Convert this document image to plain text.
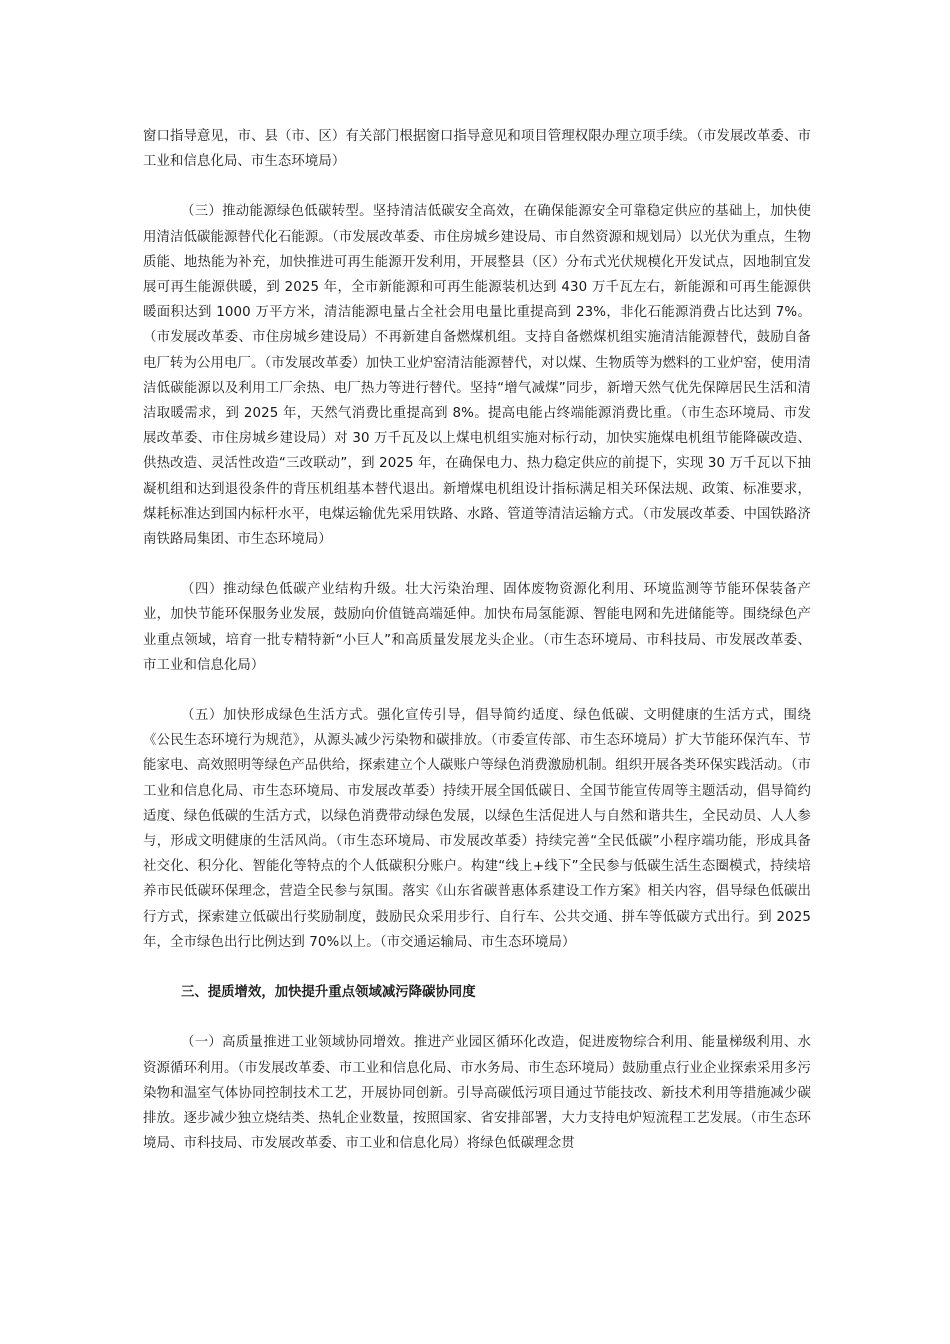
窗口指导意见，市、县（市、区）有关部门根据窗口指导意见和项目管理权限办理立项手续。（市发展改革委、市工业和信息化局、市生态环境局）

（三）推动能源绿色低碳转型。坚持清洁低碳安全高效，在确保能源安全可靠稳定供应的基础上，加快使用清洁低碳能源替代化石能源。（市发展改革委、市住房城乡建设局、市自然资源和规划局）以光伏为重点，生物质能、地热能为补充，加快推进可再生能源开发利用，开展整县（区）分布式光伏规模化开发试点，因地制宜发展可再生能源供暖，到 2025 年，全市新能源和可再生能源装机达到 430 万千瓦左右，新能源和可再生能源供暖面积达到 1000 万平方米，清洁能源电量占全社会用电量比重提高到 23%，非化石能源消费占比达到 7%。（市发展改革委、市住房城乡建设局）不再新建自备燃煤机组。支持自备燃煤机组实施清洁能源替代，鼓励自备电厂转为公用电厂。（市发展改革委）加快工业炉窑清洁能源替代，对以煤、生物质等为燃料的工业炉窑，使用清洁低碳能源以及利用工厂余热、电厂热力等进行替代。坚持“增气减煤”同步，新增天然气优先保障居民生活和清洁取暖需求，到 2025 年，天然气消费比重提高到 8%。提高电能占终端能源消费比重。（市生态环境局、市发展改革委、市住房城乡建设局）对 30 万千瓦及以上煤电机组实施对标行动，加快实施煤电机组节能降碳改造、供热改造、灵活性改造“三改联动”，到 2025 年，在确保电力、热力稳定供应的前提下，实现 30 万千瓦以下抽凝机组和达到退役条件的背压机组基本替代退出。新增煤电机组设计指标满足相关环保法规、政策、标准要求，煤耗标准达到国内标杆水平，电煤运输优先采用铁路、水路、管道等清洁运输方式。（市发展改革委、中国铁路济南铁路局集团、市生态环境局）

（四）推动绿色低碳产业结构升级。壮大污染治理、固体废物资源化利用、环境监测等节能环保装备产业，加快节能环保服务业发展，鼓励向价值链高端延伸。加快布局氢能源、智能电网和先进储能等。围绕绿色产业重点领域，培育一批专精特新“小巨人”和高质量发展龙头企业。（市生态环境局、市科技局、市发展改革委、市工业和信息化局）

（五）加快形成绿色生活方式。强化宣传引导，倡导简约适度、绿色低碳、文明健康的生活方式，围绕《公民生态环境行为规范》，从源头减少污染物和碳排放。（市委宣传部、市生态环境局）扩大节能环保汽车、节能家电、高效照明等绿色产品供给，探索建立个人碳账户等绿色消费激励机制。组织开展各类环保实践活动。（市工业和信息化局、市生态环境局、市发展改革委）持续开展全国低碳日、全国节能宣传周等主题活动，倡导简约适度、绿色低碳的生活方式，以绿色消费带动绿色发展，以绿色生活促进人与自然和谐共生，全民动员、人人参与，形成文明健康的生活风尚。（市生态环境局、市发展改革委）持续完善“全民低碳”小程序端功能，形成具备社交化、积分化、智能化等特点的个人低碳积分账户。构建“线上+线下”全民参与低碳生活生态圈模式，持续培养市民低碳环保理念，营造全民参与氛围。落实《山东省碳普惠体系建设工作方案》相关内容，倡导绿色低碳出行方式，探索建立低碳出行奖励制度，鼓励民众采用步行、自行车、公共交通、拼车等低碳方式出行。到 2025 年，全市绿色出行比例达到 70%以上。（市交通运输局、市生态环境局）

三、提质增效，加快提升重点领域减污降碳协同度

（一）高质量推进工业领域协同增效。推进产业园区循环化改造，促进废物综合利用、能量梯级利用、水资源循环利用。（市发展改革委、市工业和信息化局、市水务局、市生态环境局）鼓励重点行业企业探索采用多污染物和温室气体协同控制技术工艺，开展协同创新。引导高碳低污项目通过节能技改、新技术利用等措施减少碳排放。逐步减少独立烧结类、热轧企业数量，按照国家、省安排部署，大力支持电炉短流程工艺发展。（市生态环境局、市科技局、市发展改革委、市工业和信息化局）将绿色低碳理念贯
